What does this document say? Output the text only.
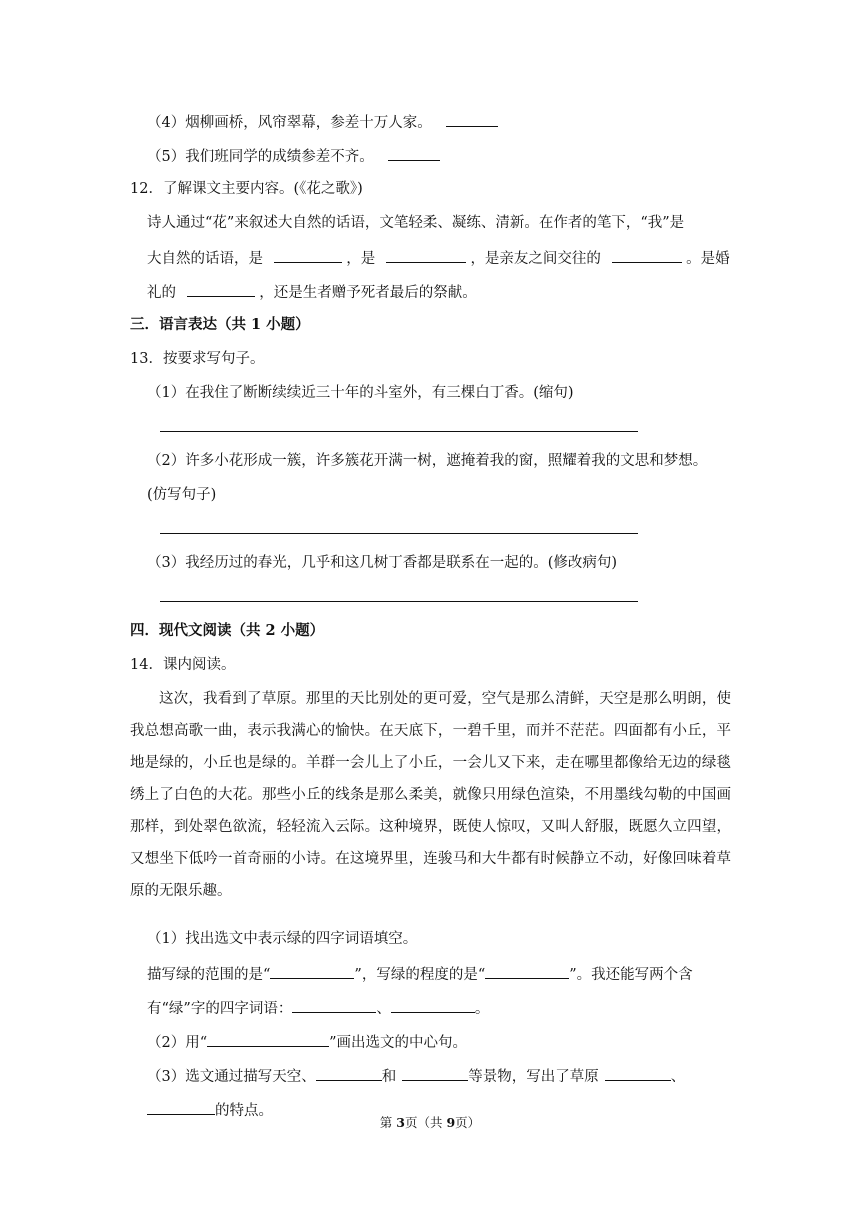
（4）烟柳画桥，风帘翠幕，参差十万人家。
（5）我们班同学的成绩参差不齐。
12．了解课文主要内容。(《花之歌》)
诗人通过“花”来叙述大自然的话语，文笔轻柔、凝练、清新。在作者的笔下，“我”是
大自然的话语，是	，是	，是亲友之间交往的	。是婚
礼的	，还是生者赠予死者最后的祭献。
三．语言表达（共 1 小题）
13．按要求写句子。
（1）在我住了断断续续近三十年的斗室外，有三棵白丁香。(缩句)
（2）许多小花形成一簇，许多簇花开满一树，遮掩着我的窗，照耀着我的文思和梦想。
(仿写句子)
（3）我经历过的春光，几乎和这几树丁香都是联系在一起的。(修改病句)
四．现代文阅读（共 2 小题）
14．课内阅读。
这次，我看到了草原。那里的天比别处的更可爱，空气是那么清鲜，天空是那么明朗，使我总想高歌一曲，表示我满心的愉快。在天底下，一碧千里，而并不茫茫。四面都有小丘，平地是绿的，小丘也是绿的。羊群一会儿上了小丘，一会儿又下来，走在哪里都像给无边的绿毯绣上了白色的大花。那些小丘的线条是那么柔美，就像只用绿色渲染，不用墨线勾勒的中国画那样，到处翠色欲流，轻轻流入云际。这种境界，既使人惊叹，又叫人舒服，既愿久立四望，又想坐下低吟一首奇丽的小诗。在这境界里，连骏马和大牛都有时候静立不动，好像回味着草原的无限乐趣。
（1）找出选文中表示绿的四字词语填空。
描写绿的范围的是“	”，写绿的程度的是“	”。我还能写两个含
有“绿”字的四字词语：	、	。
（2）用“	”画出选文的中心句。
（3）选文通过描写天空、	和	等景物，写出了草原	、
的特点。
第 3页（共 9页）
